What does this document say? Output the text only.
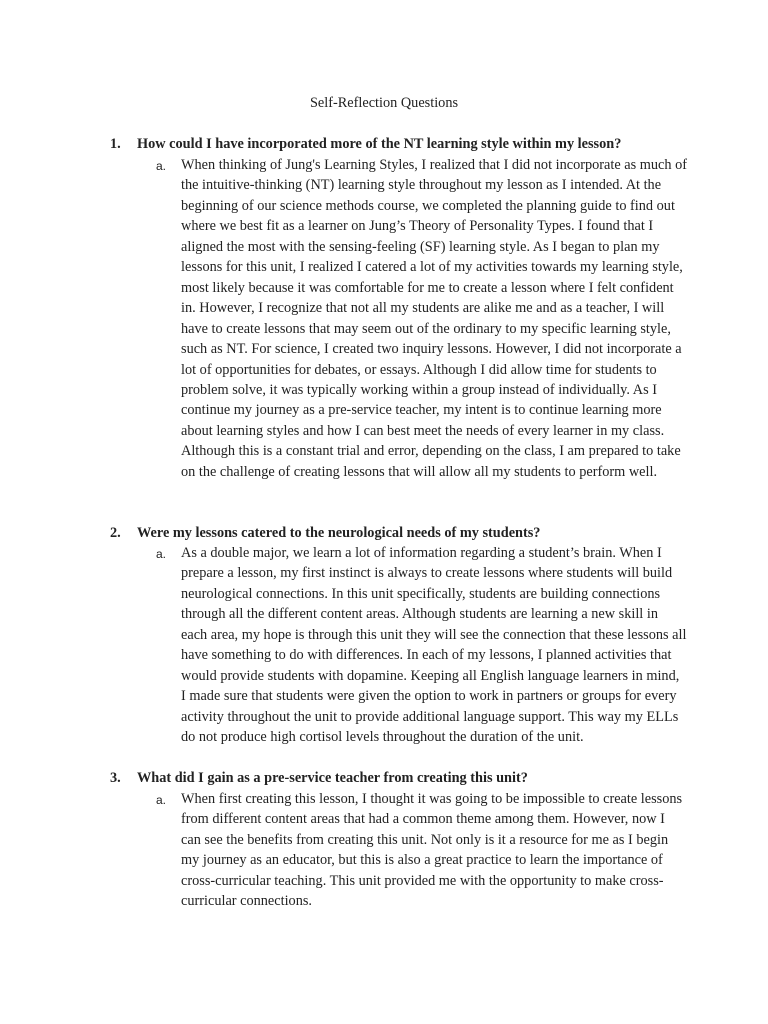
Self-Reflection Questions

1. How could I have incorporated more of the NT learning style within my lesson?

a. When thinking of Jung's Learning Styles, I realized that I did not incorporate as much of the intuitive-thinking (NT) learning style throughout my lesson as I intended. At the beginning of our science methods course, we completed the planning guide to find out where we best fit as a learner on Jung’s Theory of Personality Types. I found that I aligned the most with the sensing-feeling (SF) learning style. As I began to plan my lessons for this unit, I realized I catered a lot of my activities towards my learning style, most likely because it was comfortable for me to create a lesson where I felt confident in. However, I recognize that not all my students are alike me and as a teacher, I will have to create lessons that may seem out of the ordinary to my specific learning style, such as NT. For science, I created two inquiry lessons. However, I did not incorporate a lot of opportunities for debates, or essays. Although I did allow time for students to problem solve, it was typically working within a group instead of individually. As I continue my journey as a pre-service teacher, my intent is to continue learning more about learning styles and how I can best meet the needs of every learner in my class. Although this is a constant trial and error, depending on the class, I am prepared to take on the challenge of creating lessons that will allow all my students to perform well.

2. Were my lessons catered to the neurological needs of my students?

a. As a double major, we learn a lot of information regarding a student’s brain. When I prepare a lesson, my first instinct is always to create lessons where students will build neurological connections. In this unit specifically, students are building connections through all the different content areas. Although students are learning a new skill in each area, my hope is through this unit they will see the connection that these lessons all have something to do with differences. In each of my lessons, I planned activities that would provide students with dopamine. Keeping all English language learners in mind, I made sure that students were given the option to work in partners or groups for every activity throughout the unit to provide additional language support. This way my ELLs do not produce high cortisol levels throughout the duration of the unit.

3. What did I gain as a pre-service teacher from creating this unit?

a. When first creating this lesson, I thought it was going to be impossible to create lessons from different content areas that had a common theme among them. However, now I can see the benefits from creating this unit. Not only is it a resource for me as I begin my journey as an educator, but this is also a great practice to learn the importance of cross-curricular teaching. This unit provided me with the opportunity to make cross-curricular connections.
